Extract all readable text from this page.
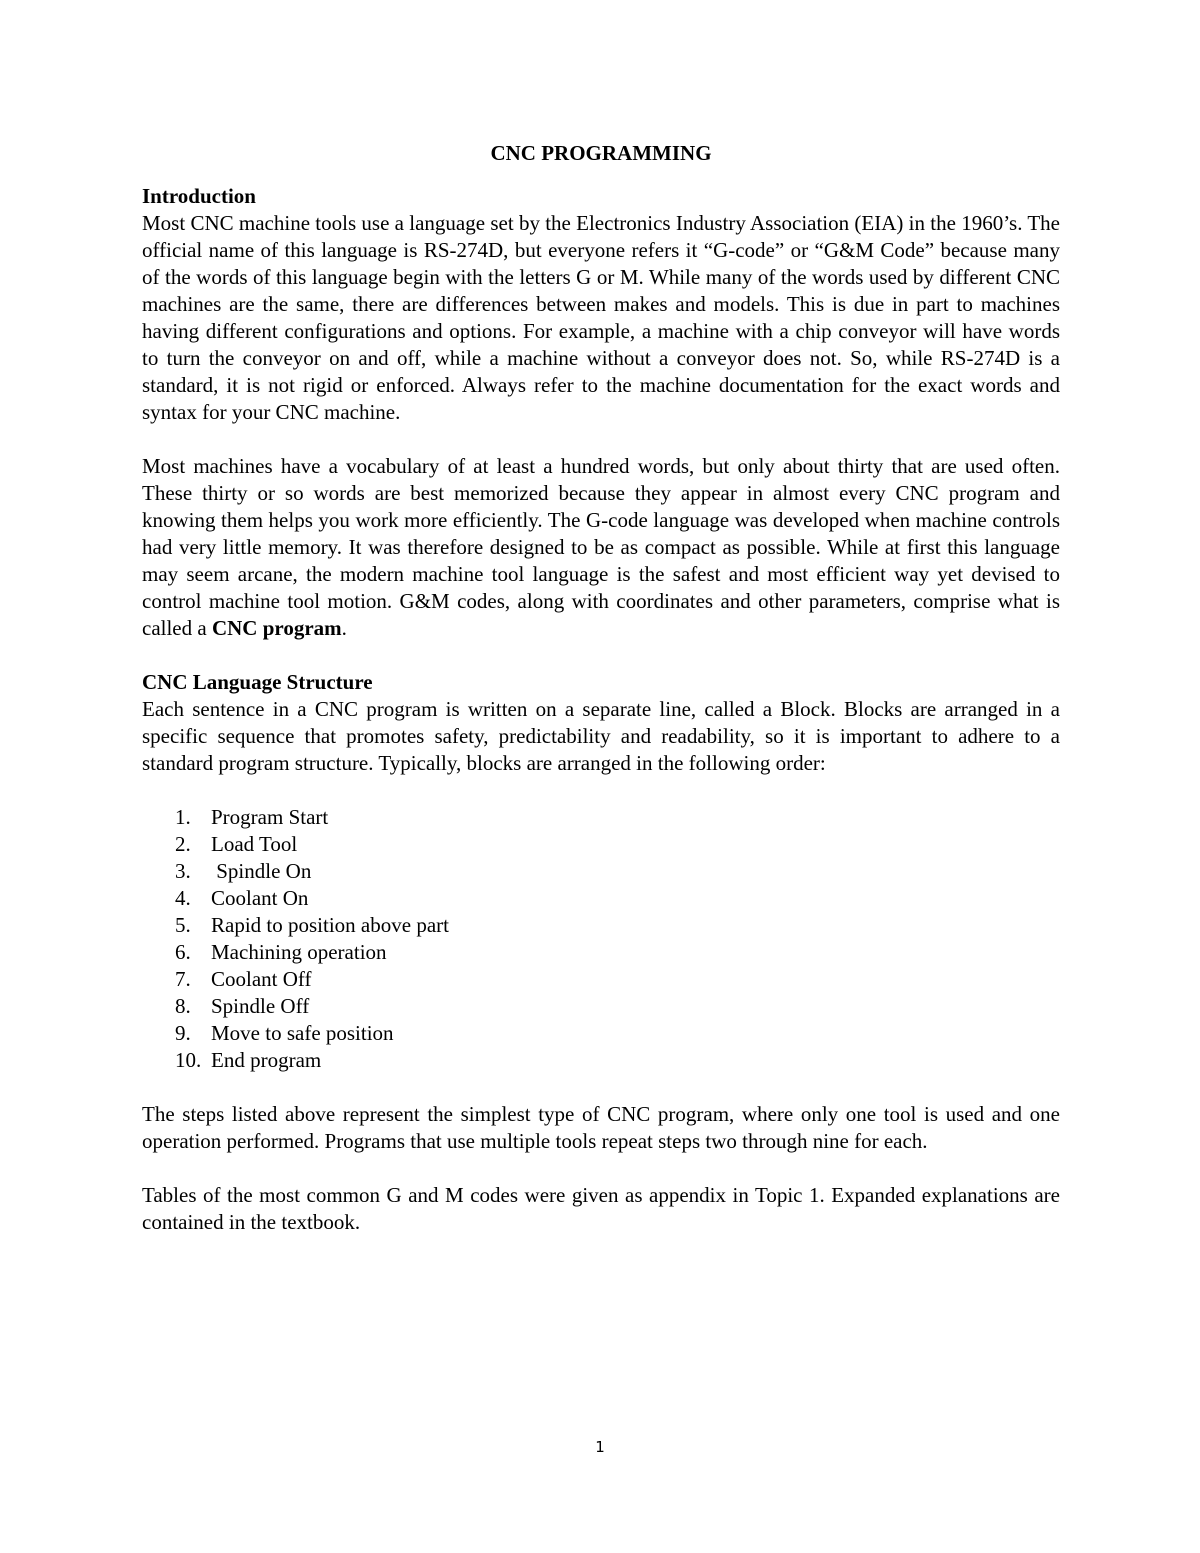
CNC PROGRAMMING

Introduction

Most CNC machine tools use a language set by the Electronics Industry Association (EIA) in the 1960’s. The official name of this language is RS-274D, but everyone refers it “G-code” or “G&M Code” because many of the words of this language begin with the letters G or M. While many of the words used by different CNC machines are the same, there are differences between makes and models. This is due in part to machines having different configurations and options. For example, a machine with a chip conveyor will have words to turn the conveyor on and off, while a machine without a conveyor does not. So, while RS-274D is a standard, it is not rigid or enforced. Always refer to the machine documentation for the exact words and syntax for your CNC machine.

Most machines have a vocabulary of at least a hundred words, but only about thirty that are used often. These thirty or so words are best memorized because they appear in almost every CNC program and knowing them helps you work more efficiently. The G-code language was developed when machine controls had very little memory. It was therefore designed to be as compact as possible. While at first this language may seem arcane, the modern machine tool language is the safest and most efficient way yet devised to control machine tool motion. G&M codes, along with coordinates and other parameters, comprise what is called a CNC program.

CNC Language Structure

Each sentence in a CNC program is written on a separate line, called a Block. Blocks are arranged in a specific sequence that promotes safety, predictability and readability, so it is important to adhere to a standard program structure. Typically, blocks are arranged in the following order:

1. Program Start
2. Load Tool
3. Spindle On
4. Coolant On
5. Rapid to position above part
6. Machining operation
7. Coolant Off
8. Spindle Off
9. Move to safe position
10. End program

The steps listed above represent the simplest type of CNC program, where only one tool is used and one operation performed. Programs that use multiple tools repeat steps two through nine for each.

Tables of the most common G and M codes were given as appendix in Topic 1. Expanded explanations are contained in the textbook.

1
